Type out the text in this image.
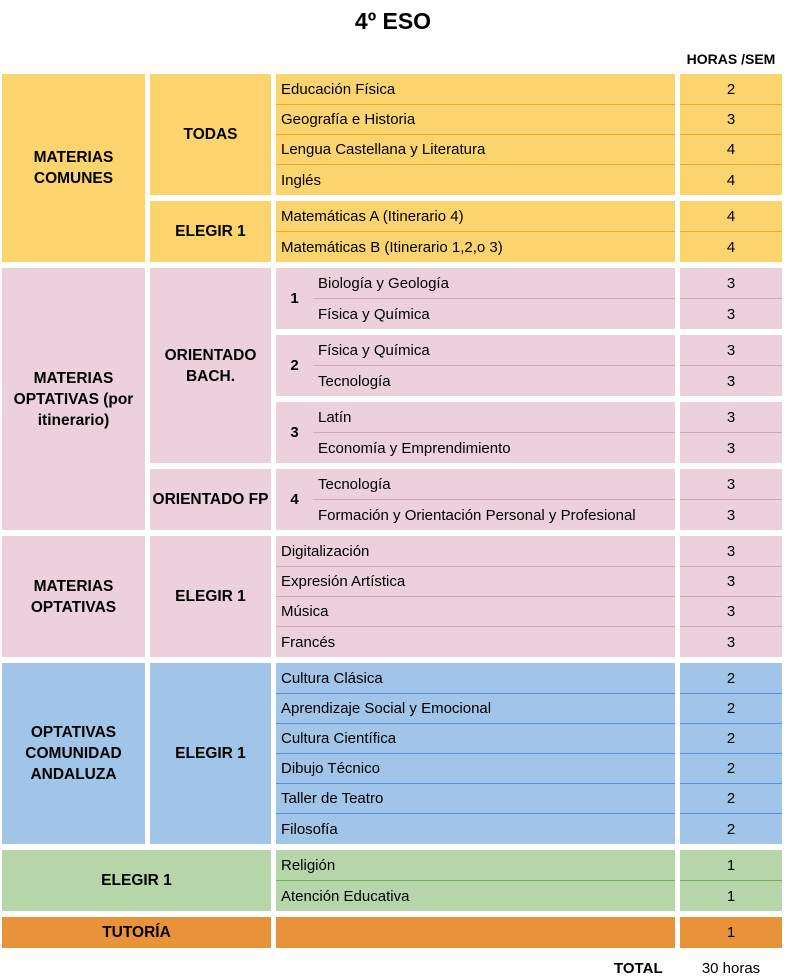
4º ESO
HORAS /SEM
MATERIAS COMUNES
MATERIAS OPTATIVAS (por itinerario)
MATERIAS OPTATIVAS
OPTATIVAS COMUNIDAD ANDALUZA
ELEGIR 1
TUTORÍA
TODAS
ELEGIR 1
ORIENTADO BACH.
ORIENTADO FP
ELEGIR 1
ELEGIR 1
1
2
3
4
Educación Física
Geografía e Historia
Lengua Castellana y Literatura
Inglés
Matemáticas A (Itinerario 4)
Matemáticas B (Itinerario 1,2,o 3)
Biología y Geología
Física y Química
Física y Química
Tecnología
Latín
Economía y Emprendimiento
Tecnología
Formación y Orientación Personal y Profesional
Digitalización
Expresión Artística
Música
Francés
Cultura Clásica
Aprendizaje Social y Emocional
Cultura Científica
Dibujo Técnico
Taller de Teatro
Filosofía
Religión
Atención Educativa
2
3
4
4
4
4
3
3
3
3
3
3
3
3
3
3
3
3
2
2
2
2
2
2
1
1
1
TOTAL	30 horas
